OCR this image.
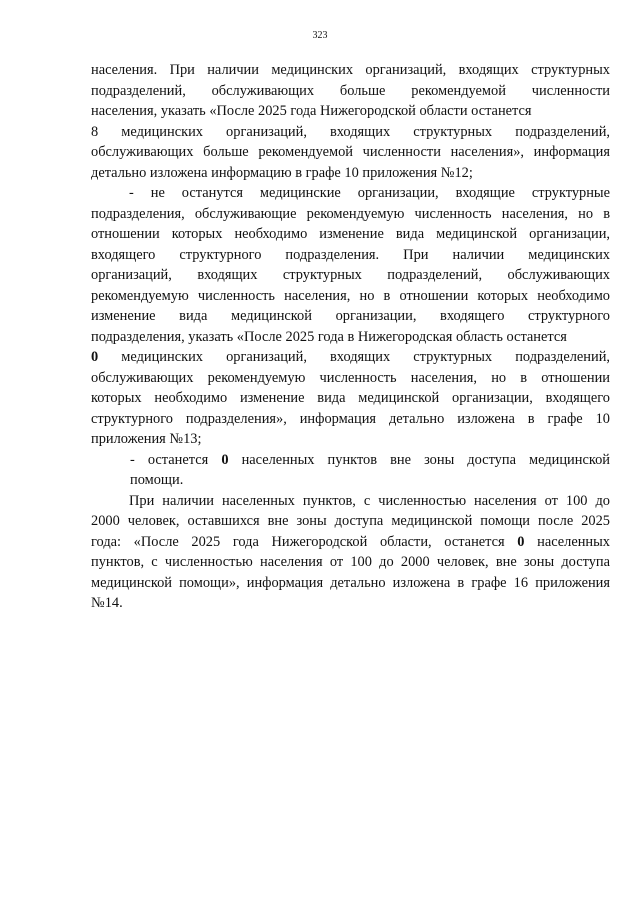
323
населения. При наличии медицинских организаций, входящих структурных
подразделений, обслуживающих больше рекомендуемой численности
населения, указать «После 2025 года Нижегородской области останется
8 медицинских организаций, входящих структурных подразделений,
обслуживающих больше рекомендуемой численности населения», информация
детально изложена информацию в графе 10 приложения №12;
- не останутся медицинские организации, входящие структурные
подразделения, обслуживающие рекомендуемую численность населения, но в
отношении которых необходимо изменение вида медицинской организации,
входящего структурного подразделения. При наличии медицинских
организаций, входящих структурных подразделений, обслуживающих
рекомендуемую численность населения, но в отношении которых необходимо
изменение вида медицинской организации, входящего структурного
подразделения, указать «После 2025 года в Нижегородская область останется
0 медицинских организаций, входящих структурных подразделений,
обслуживающих рекомендуемую численность населения, но в отношении
которых необходимо изменение вида медицинской организации, входящего
структурного подразделения», информация детально изложена в графе 10
приложения №13;
- останется 0 населенных пунктов вне зоны доступа медицинской
помощи.
При наличии населенных пунктов, с численностью населения от 100 до
2000 человек, оставшихся вне зоны доступа медицинской помощи после 2025
года: «После 2025 года Нижегородской области, останется 0 населенных
пунктов, с численностью населения от 100 до 2000 человек, вне зоны доступа
медицинской помощи», информация детально изложена в графе 16 приложения
№14.
